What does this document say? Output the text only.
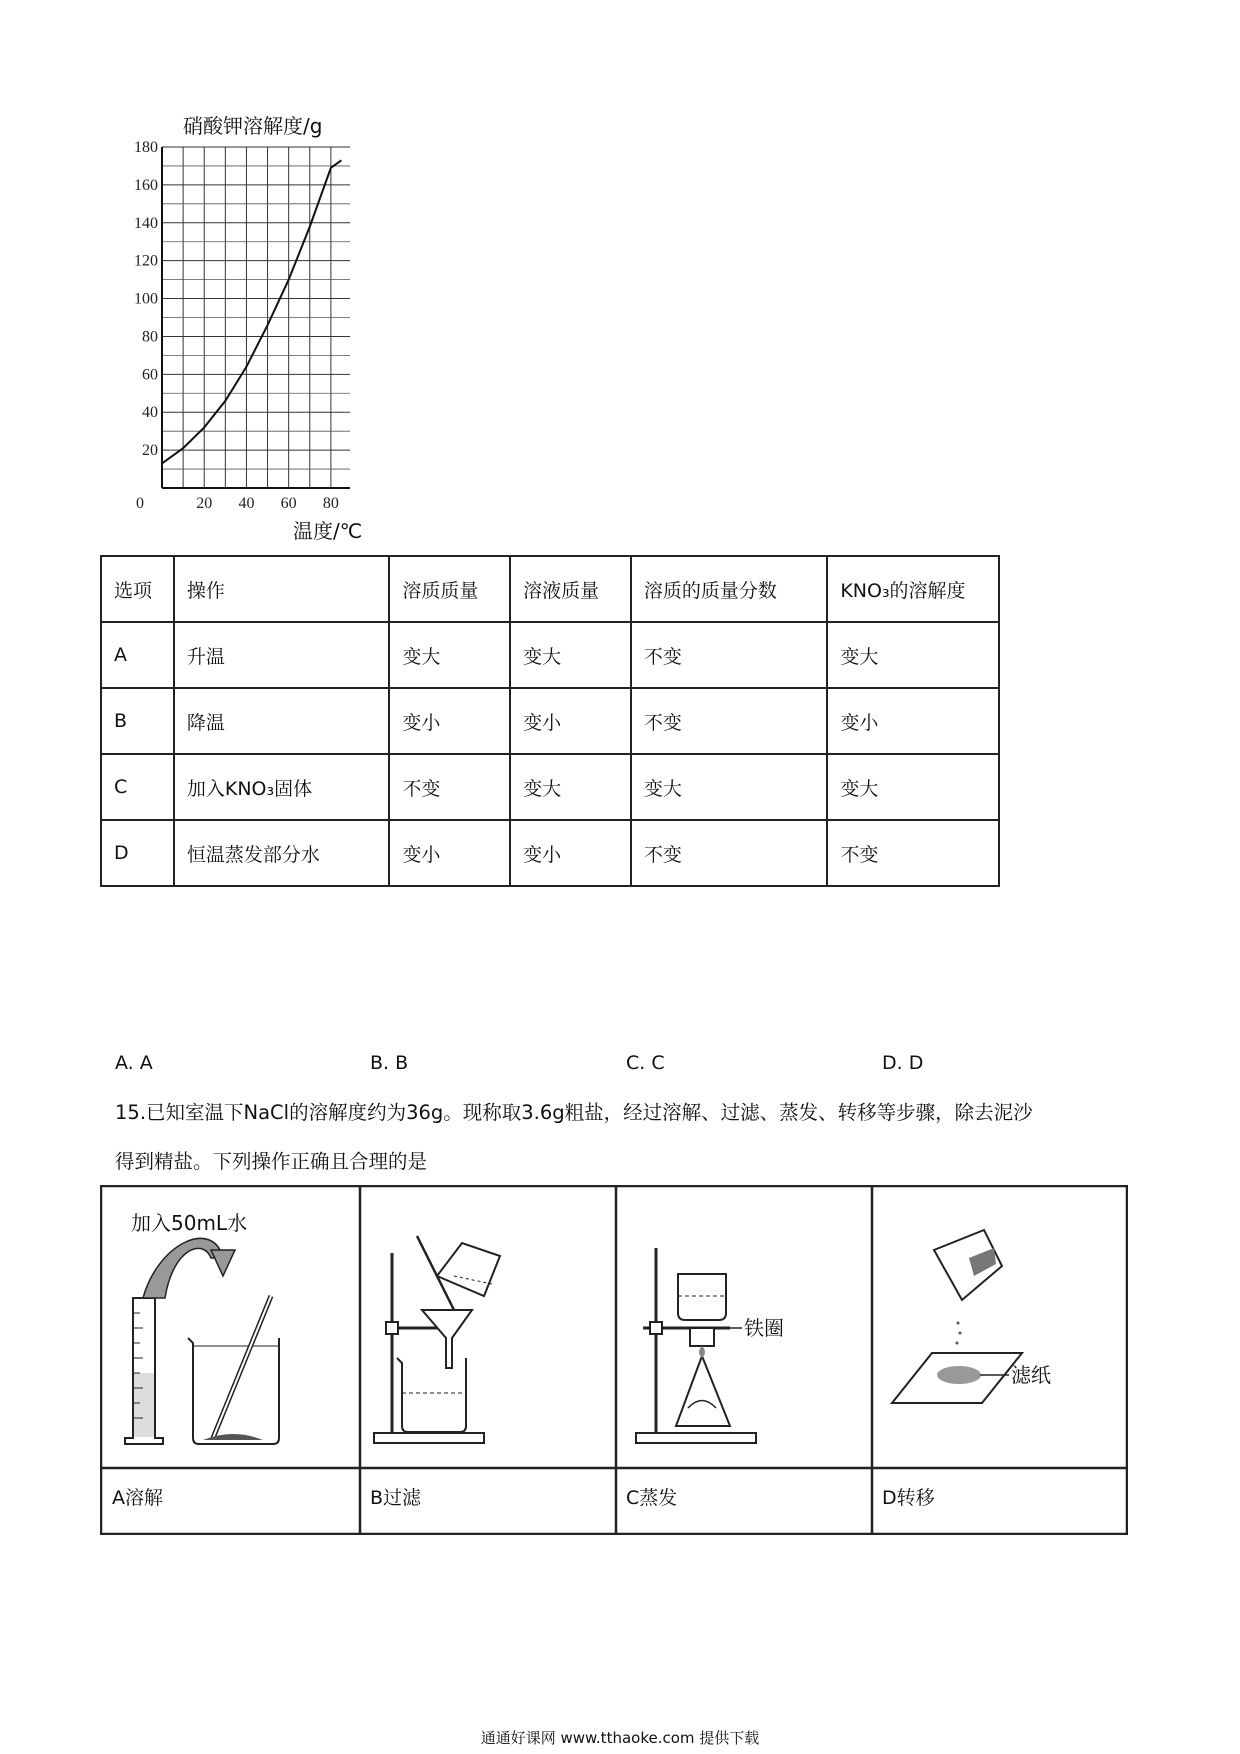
硝酸钾溶解度/g
0	20 40 60 80
20
40
60
80
100
120
140
160
180
温度/℃
选项	操作	溶质质量	溶液质量	溶质的质量分数	KNO₃的溶解度
A	升温	变大	变大	不变	变大
B	降温	变小	变小	不变	变小
C	加入KNO₃固体	不变	变大	变大	变大
D	恒温蒸发部分水	变小	变小	不变	不变
A. A	B. B	C. C	D. D
15.已知室温下NaCl的溶解度约为36g。现称取3.6g粗盐，经过溶解、过滤、蒸发、转移等步骤，除去泥沙
得到精盐。下列操作正确且合理的是
加入50mL水
铁圈
滤纸
A溶解	B过滤	C蒸发	D转移
通通好课网 www.tthaoke.com 提供下载
